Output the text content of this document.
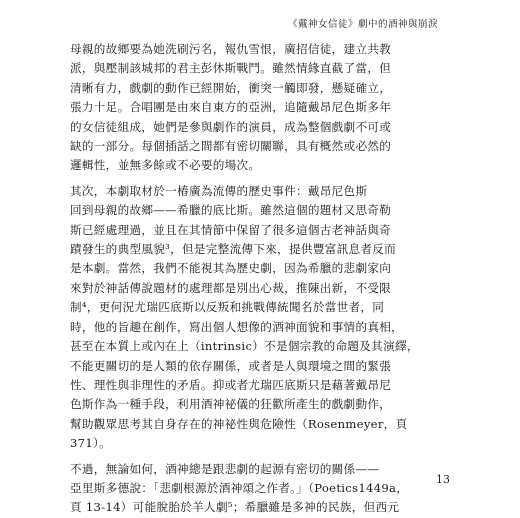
《戴神女信徒》劇中的酒神與崩淚
母親的故鄉要為她洗刷污名，報仇雪恨，廣招信徒，建立共教
派，與壓制該城邦的君主彭休斯戰鬥。雖然情緣直截了當，但
清晰有力，戲劇的動作已經開始，衝突一觸即發，懸疑確立，
張力十足。合唱團是由來自東方的亞洲，追隨戴昂尼色斯多年
的女信徒組成，她們是參與劇作的演員，成為整個戲劇不可或
缺的一部分。每個插話之間都有密切關聯，具有概然或必然的
邏輯性，並無多餘或不必要的場次。
其次，本劇取材於一椿廣為流傳的歷史事件：戴昂尼色斯
回到母親的故鄉——希臘的底比斯。雖然這個的題材又思奇勒
斯已經處理過，並且在其情節中保留了很多這個古老神話與奇
蹟發生的典型風貌³，但是完整流傳下來，提供豐富訊息者反而
是本劇。當然，我們不能視其為歷史劇，因為希臘的悲劇家向
來對於神話傳說題材的處理都是別出心裁，推陳出新，不受限
制⁴，更何況尤瑞匹底斯以反叛和挑戰傳統聞名於當世者，同
時，他的旨趣在創作，寫出個人想像的酒神面貌和事情的真相，
甚至在本質上或內在上（intrinsic）不是個宗教的命題及其演繹，
不能更關切的是人類的依存關係，或者是人與環境之間的緊張
性、理性與非理性的矛盾。抑或者尤瑞匹底斯只是藉著戴昂尼
色斯作為一種手段，利用酒神祕儀的狂歡所產生的戲劇動作，
幫助觀眾思考其自身存在的神祕性與危險性（Rosenmeyer，頁
371）。
不過，無論如何，酒神總是跟悲劇的起源有密切的關係——
亞里斯多德說：「悲劇根源於酒神頌之作者。」（Poetics1449a，
頁 13-14）可能脫胎於羊人劇⁵；希臘雖是多神的民族，但西元
13
